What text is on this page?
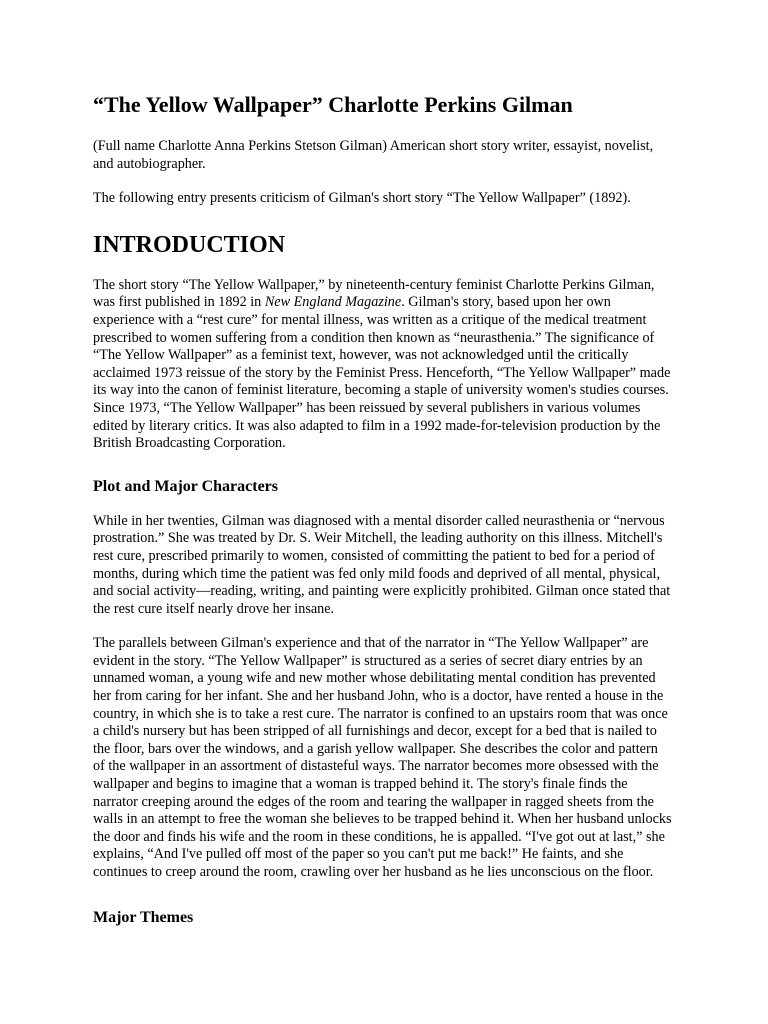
“The Yellow Wallpaper” Charlotte Perkins Gilman

(Full name Charlotte Anna Perkins Stetson Gilman) American short story writer, essayist, novelist, and autobiographer.

The following entry presents criticism of Gilman's short story “The Yellow Wallpaper” (1892).

INTRODUCTION

The short story “The Yellow Wallpaper,” by nineteenth-century feminist Charlotte Perkins Gilman, was first published in 1892 in New England Magazine. Gilman's story, based upon her own experience with a “rest cure” for mental illness, was written as a critique of the medical treatment prescribed to women suffering from a condition then known as “neurasthenia.” The significance of “The Yellow Wallpaper” as a feminist text, however, was not acknowledged until the critically acclaimed 1973 reissue of the story by the Feminist Press. Henceforth, “The Yellow Wallpaper” made its way into the canon of feminist literature, becoming a staple of university women's studies courses. Since 1973, “The Yellow Wallpaper” has been reissued by several publishers in various volumes edited by literary critics. It was also adapted to film in a 1992 made-for-television production by the British Broadcasting Corporation.

Plot and Major Characters

While in her twenties, Gilman was diagnosed with a mental disorder called neurasthenia or “nervous prostration.” She was treated by Dr. S. Weir Mitchell, the leading authority on this illness. Mitchell's rest cure, prescribed primarily to women, consisted of committing the patient to bed for a period of months, during which time the patient was fed only mild foods and deprived of all mental, physical, and social activity—reading, writing, and painting were explicitly prohibited. Gilman once stated that the rest cure itself nearly drove her insane.

The parallels between Gilman's experience and that of the narrator in “The Yellow Wallpaper” are evident in the story. “The Yellow Wallpaper” is structured as a series of secret diary entries by an unnamed woman, a young wife and new mother whose debilitating mental condition has prevented her from caring for her infant. She and her husband John, who is a doctor, have rented a house in the country, in which she is to take a rest cure. The narrator is confined to an upstairs room that was once a child's nursery but has been stripped of all furnishings and decor, except for a bed that is nailed to the floor, bars over the windows, and a garish yellow wallpaper. She describes the color and pattern of the wallpaper in an assortment of distasteful ways. The narrator becomes more obsessed with the wallpaper and begins to imagine that a woman is trapped behind it. The story's finale finds the narrator creeping around the edges of the room and tearing the wallpaper in ragged sheets from the walls in an attempt to free the woman she believes to be trapped behind it. When her husband unlocks the door and finds his wife and the room in these conditions, he is appalled. “I've got out at last,” she explains, “And I've pulled off most of the paper so you can't put me back!” He faints, and she continues to creep around the room, crawling over her husband as he lies unconscious on the floor.

Major Themes
